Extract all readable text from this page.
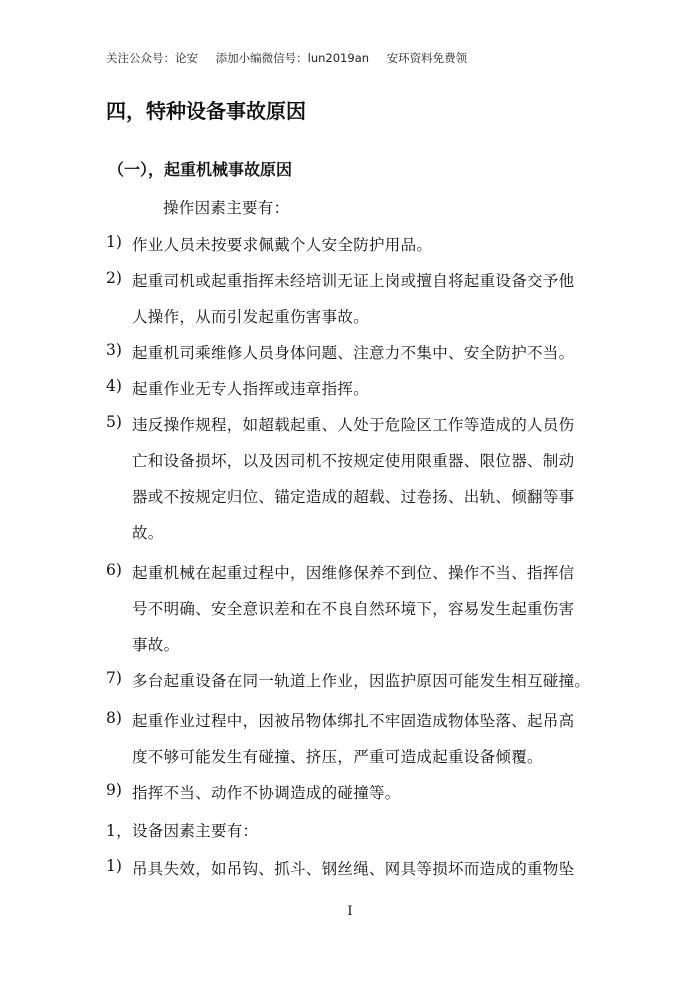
关注公众号：论安 添加小编微信号：lun2019an 安环资料免费领
四，特种设备事故原因
（一），起重机械事故原因
操作因素主要有：
1) 作业人员未按要求佩戴个人安全防护用品。
2) 起重司机或起重指挥未经培训无证上岗或擅自将起重设备交予他
人操作，从而引发起重伤害事故。
3) 起重机司乘维修人员身体问题、注意力不集中、安全防护不当。
4) 起重作业无专人指挥或违章指挥。
5) 违反操作规程，如超载起重、人处于危险区工作等造成的人员伤
亡和设备损坏，以及因司机不按规定使用限重器、限位器、制动
器或不按规定归位、锚定造成的超载、过卷扬、出轨、倾翻等事
故。
6) 起重机械在起重过程中，因维修保养不到位、操作不当、指挥信
号不明确、安全意识差和在不良自然环境下，容易发生起重伤害
事故。
7) 多台起重设备在同一轨道上作业，因监护原因可能发生相互碰撞。
8) 起重作业过程中，因被吊物体绑扎不牢固造成物体坠落、起吊高
度不够可能发生有碰撞、挤压，严重可造成起重设备倾覆。
9) 指挥不当、动作不协调造成的碰撞等。
1，设备因素主要有：
1) 吊具失效，如吊钩、抓斗、钢丝绳、网具等损坏而造成的重物坠
I
